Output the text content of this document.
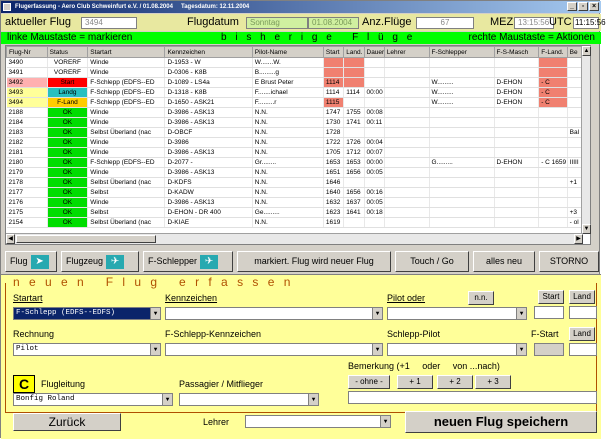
Flugerfassung - Aero Club Schweinfurt e.V. / 01.08.2004 Tagesdatum: 12.11.2004	_	▫	×
aktueller Flug	3494	Flugdatum	Sonntag	01.08.2004 Anz.Flüge	67	MEZ 13:15:56 UTC 11:15:56
linke Maustaste = markieren	b i s h e r i g e   F l ü g e	rechte Maustaste = Aktionen
Flug-Nr	Status	Startart	Kennzeichen	Pilot-Name	Start	Land.	Dauer	Lehrer	F-Schlepper	F-S-Masch	F-Land.	Be
3490	VORERF	Winde	D-1953 - W	W.......W.								
3491	VORERF	Winde	D-0306 - K8B	B.........g								
3492	Start	F-Schlepp (EDFS--ED	D-1089 - LS4a	E Brust Peter	1114				W.........	D-EHON	- C	
3493	Landg	F-Schlepp (EDFS--ED	D-1318 - K8B	F.......ichael	1114	1114	00:00		W.........	D-EHON	- C	
3494	F-Land	F-Schlepp (EDFS--ED	D-1650 - ASK21	F.........r	1115				W.........	D-EHON	- C	
2188	OK	Winde	D-3986 - ASK13	N.N.	1747	1755	00:08					
2184	OK	Winde	D-3986 - ASK13	N.N.	1730	1741	00:11					
2183	OK	Selbst Überland (nac	D-OBCF	N.N.	1728							Bal
2182	OK	Winde	D-3986	N.N.	1722	1726	00:04					
2181	OK	Winde	D-3986 - ASK13	N.N.	1705	1712	00:07					
2180	OK	F-Schlepp (EDFS--ED	D-2077 -	Gr........	1653	1653	00:00		G.........	D-EHON	- C 1659	IIIII
2179	OK	Winde	D-3986 - ASK13	N.N.	1651	1656	00:05					
2178	OK	Selbst Überland (nac	D-KDFS	N.N.	1646							+1
2177	OK	Selbst	D-KADW	N.N.	1640	1656	00:16					
2176	OK	Winde	D-3986 - ASK13	N.N.	1632	1637	00:05					
2175	OK	Selbst	D-EHON - DR 400	Ge.........	1623	1641	00:18					+3
2154	OK	Selbst Überland (nac	D-KIAE	N.N.	1619							- ol
▲
▼
◀	▶
Flug ➤	Flugzeug ✈	F-Schlepper ✈	markiert. Flug wird neuer Flug	Touch / Go	alles neu	STORNO
n e u e n   F l u g   e r f a s s e n
Startart
F-Schlepp (EDFS--EDFS)	▼
Kennzeichen
▼
Pilot oder	n.n.	Start	Land
▼
Rechnung
Pilot	▼
F-Schlepp-Kennzeichen
▼
Schlepp-Pilot
▼
F-Start	Land
Bemerkung (+1     oder     von ...nach)
- ohne -	+ 1	+ 2	+ 3
C	Flugleitung
Bonfig Roland	▼
Passagier / Mitflieger
▼
Zurück	Lehrer	▼	neuen Flug speichern
